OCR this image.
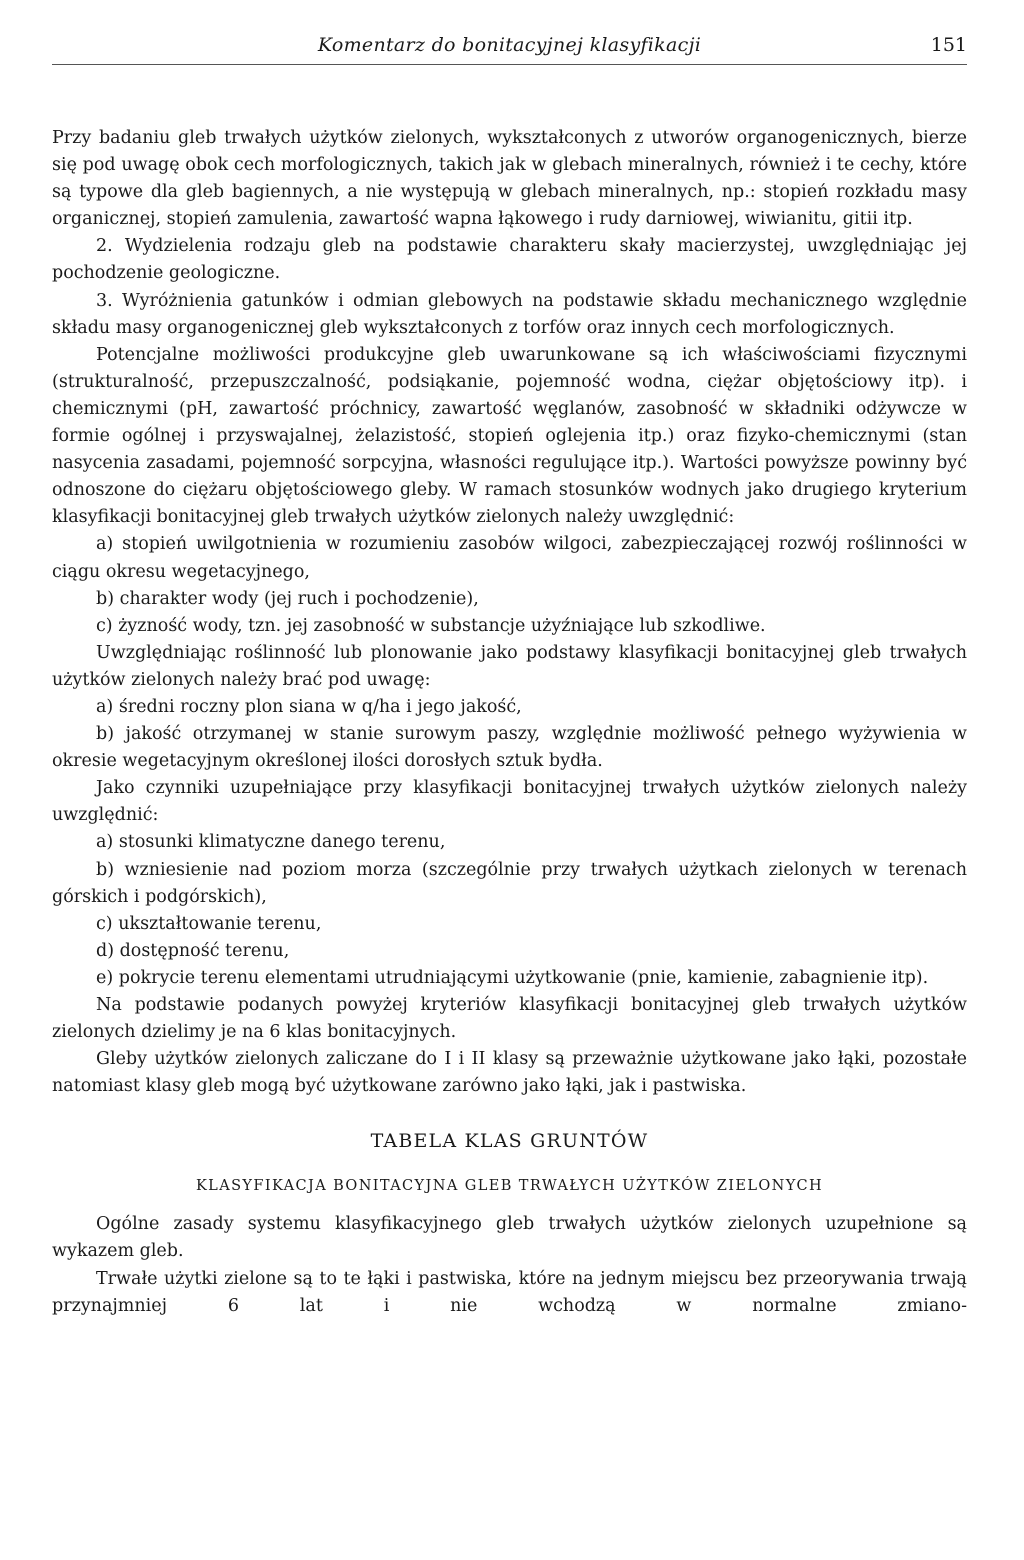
Komentarz do bonitacyjnej klasyfikacji	151

Przy badaniu gleb trwałych użytków zielonych, wykształconych z utworów organogenicznych, bierze się pod uwagę obok cech morfologicznych, takich jak w glebach mineralnych, również i te cechy, które są typowe dla gleb bagiennych, a nie występują w glebach mineralnych, np.: stopień rozkładu masy organicznej, stopień zamulenia, zawartość wapna łąkowego i rudy darniowej, wiwianitu, gitii itp.

2. Wydzielenia rodzaju gleb na podstawie charakteru skały macierzystej, uwzględniając jej pochodzenie geologiczne.

3. Wyróżnienia gatunków i odmian glebowych na podstawie składu mechanicznego względnie składu masy organogenicznej gleb wykształconych z torfów oraz innych cech morfologicznych.

Potencjalne możliwości produkcyjne gleb uwarunkowane są ich właściwościami fizycznymi (strukturalność, przepuszczalność, podsiąkanie, pojemność wodna, ciężar objętościowy itp). i chemicznymi (pH, zawartość próchnicy, zawartość węglanów, zasobność w składniki odżywcze w formie ogólnej i przyswajalnej, żelazistość, stopień oglejenia itp.) oraz fizyko-chemicznymi (stan nasycenia zasadami, pojemność sorpcyjna, własności regulujące itp.). Wartości powyższe powinny być odnoszone do ciężaru objętościowego gleby. W ramach stosunków wodnych jako drugiego kryterium klasyfikacji bonitacyjnej gleb trwałych użytków zielonych należy uwzględnić:

a) stopień uwilgotnienia w rozumieniu zasobów wilgoci, zabezpieczającej rozwój roślinności w ciągu okresu wegetacyjnego,

b) charakter wody (jej ruch i pochodzenie),

c) żyzność wody, tzn. jej zasobność w substancje użyźniające lub szkodliwe.

Uwzględniając roślinność lub plonowanie jako podstawy klasyfikacji bonitacyjnej gleb trwałych użytków zielonych należy brać pod uwagę:

a) średni roczny plon siana w q/ha i jego jakość,

b) jakość otrzymanej w stanie surowym paszy, względnie możliwość pełnego wyżywienia w okresie wegetacyjnym określonej ilości dorosłych sztuk bydła.

Jako czynniki uzupełniające przy klasyfikacji bonitacyjnej trwałych użytków zielonych należy uwzględnić:

a) stosunki klimatyczne danego terenu,

b) wzniesienie nad poziom morza (szczególnie przy trwałych użytkach zielonych w terenach górskich i podgórskich),

c) ukształtowanie terenu,

d) dostępność terenu,

e) pokrycie terenu elementami utrudniającymi użytkowanie (pnie, kamienie, zabagnienie itp).

Na podstawie podanych powyżej kryteriów klasyfikacji bonitacyjnej gleb trwałych użytków zielonych dzielimy je na 6 klas bonitacyjnych.

Gleby użytków zielonych zaliczane do I i II klasy są przeważnie użytkowane jako łąki, pozostałe natomiast klasy gleb mogą być użytkowane zarówno jako łąki, jak i pastwiska.

TABELA KLAS GRUNTÓW
KLASYFIKACJA BONITACYJNA GLEB TRWAŁYCH UŻYTKÓW ZIELONYCH

Ogólne zasady systemu klasyfikacyjnego gleb trwałych użytków zielonych uzupełnione są wykazem gleb.

Trwałe użytki zielone są to te łąki i pastwiska, które na jednym miejscu bez przeorywania trwają przynajmniej 6 lat i nie wchodzą w normalne zmiano-
